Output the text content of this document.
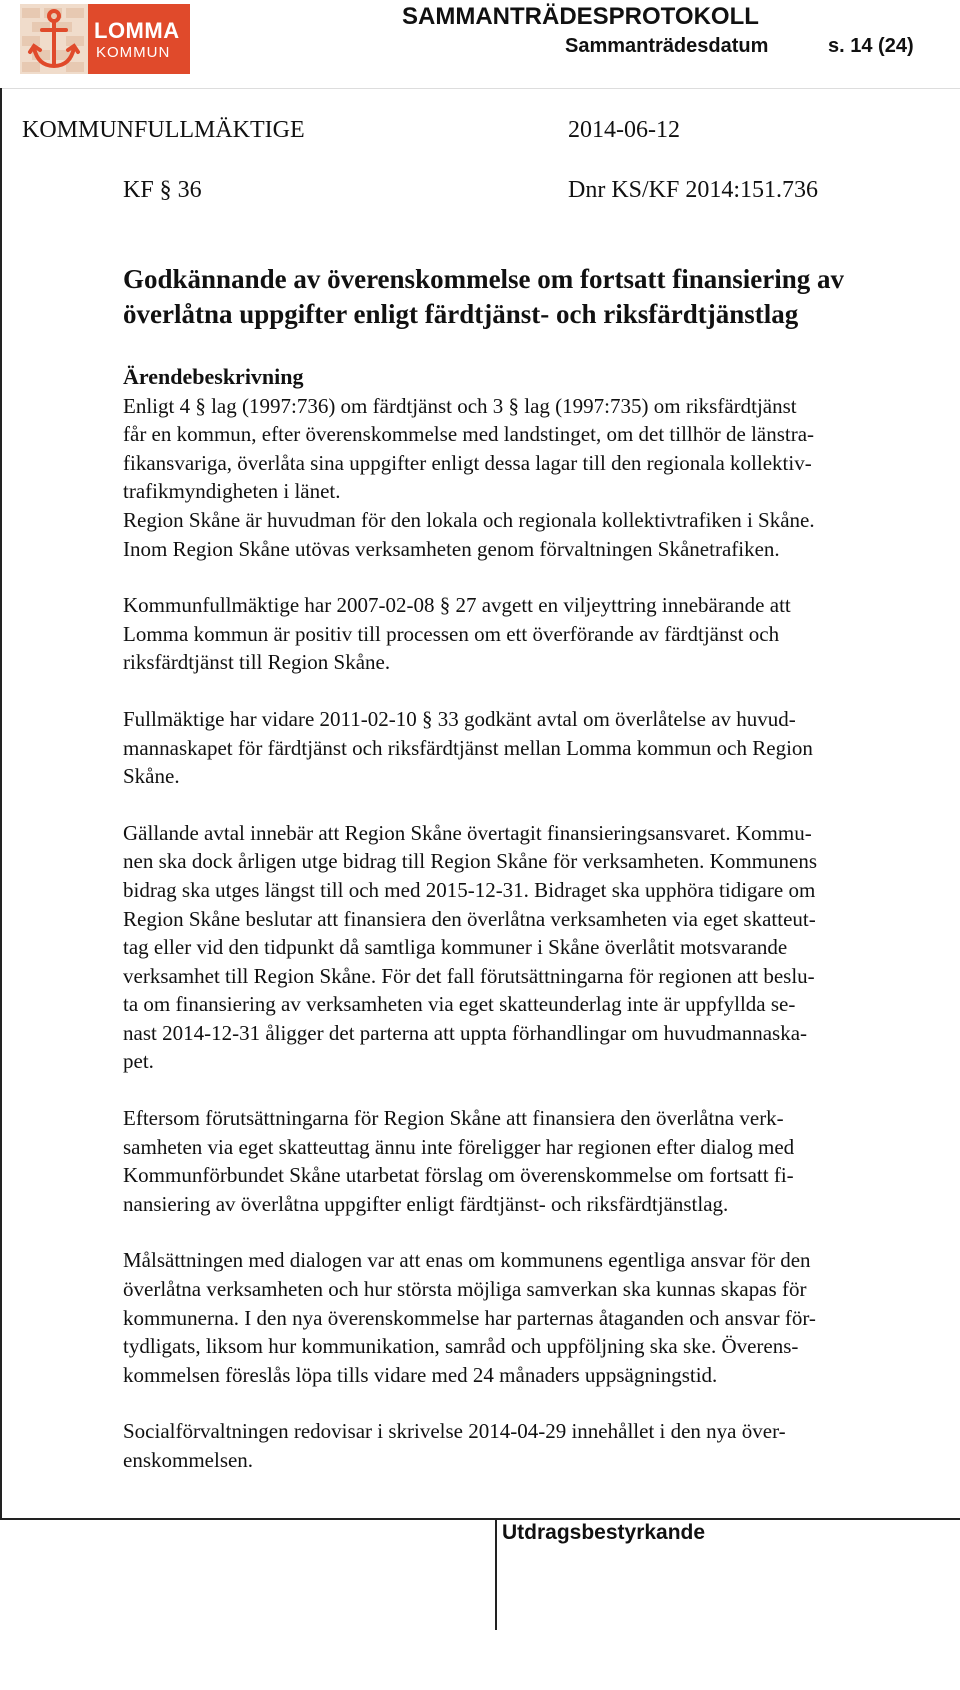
LOMMA
KOMMUN
SAMMANTRÄDESPROTOKOLL
Sammanträdesdatum	s. 14 (24)
KOMMUNFULLMÄKTIGE	2014-06-12
KF § 36	Dnr KS/KF 2014:151.736
Godkännande av överenskommelse om fortsatt finansiering av
överlåtna uppgifter enligt färdtjänst- och riksfärdtjänstlag
Ärendebeskrivning
Enligt 4 § lag (1997:736) om färdtjänst och 3 § lag (1997:735) om riksfärdtjänst
får en kommun, efter överenskommelse med landstinget, om det tillhör de länstra-
fikansvariga, överlåta sina uppgifter enligt dessa lagar till den regionala kollektiv-
trafikmyndigheten i länet.
Region Skåne är huvudman för den lokala och regionala kollektivtrafiken i Skåne.
Inom Region Skåne utövas verksamheten genom förvaltningen Skånetrafiken.
Kommunfullmäktige har 2007-02-08 § 27 avgett en viljeyttring innebärande att
Lomma kommun är positiv till processen om ett överförande av färdtjänst och
riksfärdtjänst till Region Skåne.
Fullmäktige har vidare 2011-02-10 § 33 godkänt avtal om överlåtelse av huvud-
mannaskapet för färdtjänst och riksfärdtjänst mellan Lomma kommun och Region
Skåne.
Gällande avtal innebär att Region Skåne övertagit finansieringsansvaret. Kommu-
nen ska dock årligen utge bidrag till Region Skåne för verksamheten. Kommunens
bidrag ska utges längst till och med 2015-12-31. Bidraget ska upphöra tidigare om
Region Skåne beslutar att finansiera den överlåtna verksamheten via eget skatteut-
tag eller vid den tidpunkt då samtliga kommuner i Skåne överlåtit motsvarande
verksamhet till Region Skåne. För det fall förutsättningarna för regionen att beslu-
ta om finansiering av verksamheten via eget skatteunderlag inte är uppfyllda se-
nast 2014-12-31 åligger det parterna att uppta förhandlingar om huvudmannaska-
pet.
Eftersom förutsättningarna för Region Skåne att finansiera den överlåtna verk-
samheten via eget skatteuttag ännu inte föreligger har regionen efter dialog med
Kommunförbundet Skåne utarbetat förslag om överenskommelse om fortsatt fi-
nansiering av överlåtna uppgifter enligt färdtjänst- och riksfärdtjänstlag.
Målsättningen med dialogen var att enas om kommunens egentliga ansvar för den
överlåtna verksamheten och hur största möjliga samverkan ska kunnas skapas för
kommunerna. I den nya överenskommelse har parternas åtaganden och ansvar för-
tydligats, liksom hur kommunikation, samråd och uppföljning ska ske. Överens-
kommelsen föreslås löpa tills vidare med 24 månaders uppsägningstid.
Socialförvaltningen redovisar i skrivelse 2014-04-29 innehållet i den nya över-
enskommelsen.
Utdragsbestyrkande
